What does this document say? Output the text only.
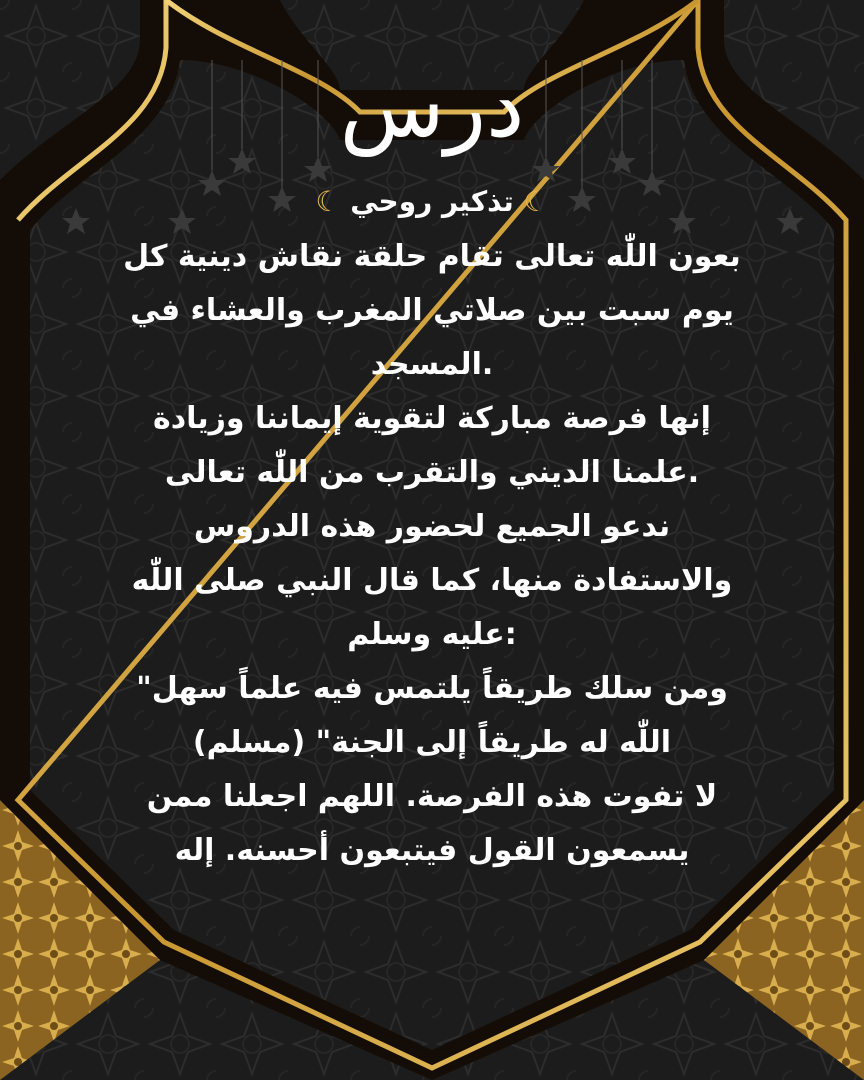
درس
☾ تذكير روحي ☾
بعون اللّٰه تعالى تقام حلقة نقاش دينية كل
يوم سبت بين صلاتي المغرب والعشاء في
.المسجد
إنها فرصة مباركة لتقوية إيماننا وزيادة
.علمنا الديني والتقرب من اللّٰه تعالى
ندعو الجميع لحضور هذه الدروس
والاستفادة منها، كما قال النبي صلى اللّٰه
:عليه وسلم
ومن سلك طريقاً يلتمس فيه علماً سهل"
اللّٰه له طريقاً إلى الجنة" (مسلم)
لا تفوت هذه الفرصة. اللهم اجعلنا ممن
يسمعون القول فيتبعون أحسنه. إله
